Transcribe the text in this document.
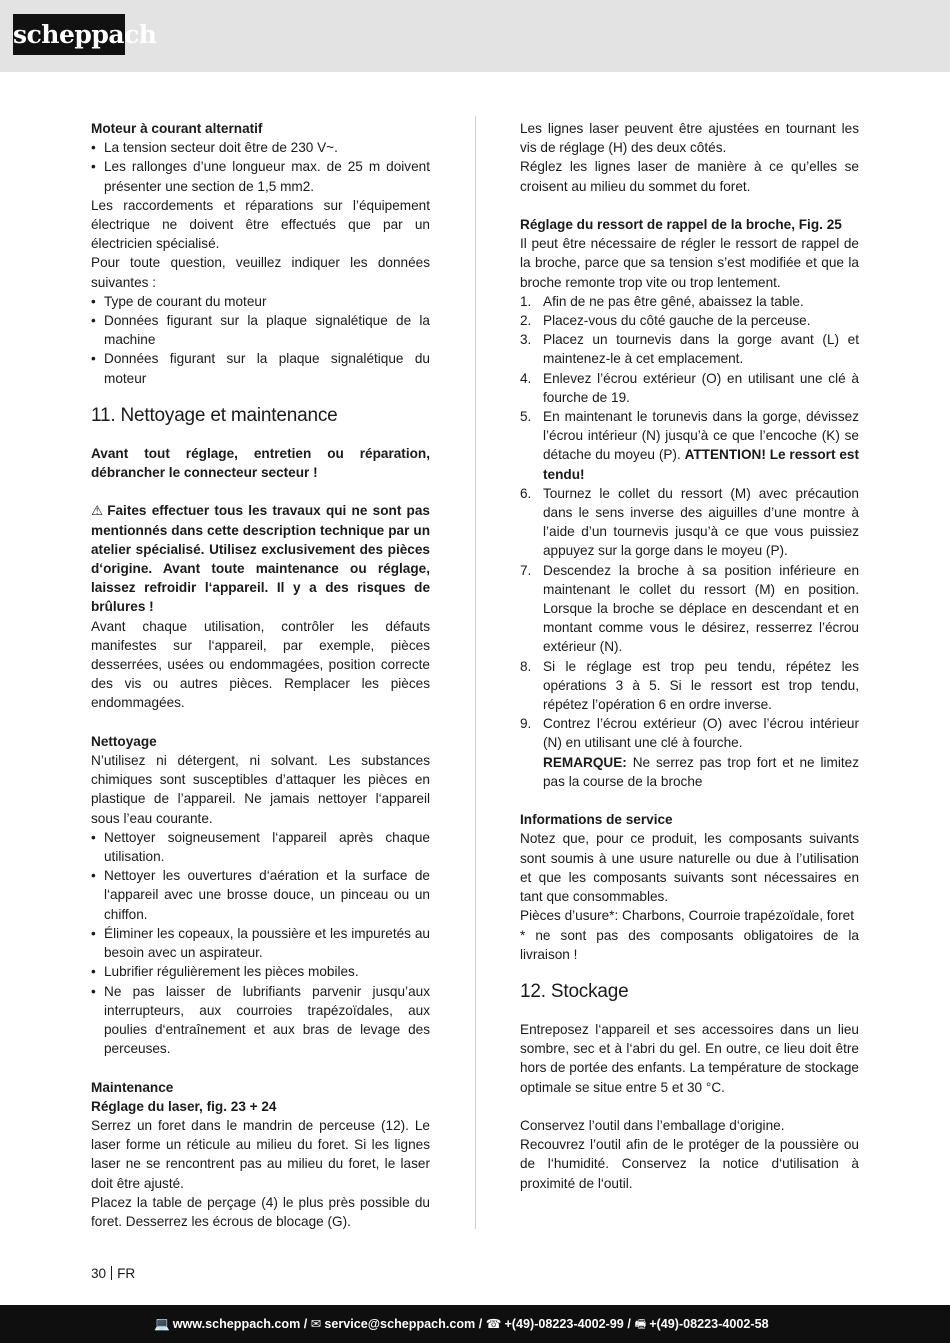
scheppach

Moteur à courant alternatif

• La tension secteur doit être de 230 V~.
• Les rallonges d’une longueur max. de 25 m doivent présenter une section de 1,5 mm2.

Les raccordements et réparations sur l’équipement électrique ne doivent être effectués que par un électricien spécialisé.

Pour toute question, veuillez indiquer les données suivantes :

• Type de courant du moteur
• Données figurant sur la plaque signalétique de la machine
• Données figurant sur la plaque signalétique du moteur
11. Nettoyage et maintenance

Avant tout réglage, entretien ou réparation, débrancher le connecteur secteur !

⚠ Faites effectuer tous les travaux qui ne sont pas mentionnés dans cette description technique par un atelier spécialisé. Utilisez exclusivement des pièces d‘origine. Avant toute maintenance ou réglage, laissez refroidir l‘appareil. Il y a des risques de brûlures !

Avant chaque utilisation, contrôler les défauts manifestes sur l‘appareil, par exemple, pièces desserrées, usées ou endommagées, position correcte des vis ou autres pièces. Remplacer les pièces endommagées.

Nettoyage

N’utilisez ni détergent, ni solvant. Les substances chimiques sont susceptibles d’attaquer les pièces en plastique de l’appareil. Ne jamais nettoyer l‘appareil sous l’eau courante.

• Nettoyer soigneusement l‘appareil après chaque utilisation.
• Nettoyer les ouvertures d‘aération et la surface de l‘appareil avec une brosse douce, un pinceau ou un chiffon.
• Éliminer les copeaux, la poussière et les impuretés au besoin avec un aspirateur.
• Lubrifier régulièrement les pièces mobiles.
• Ne pas laisser de lubrifiants parvenir jusqu’aux interrupteurs, aux courroies trapézoïdales, aux poulies d‘entraînement et aux bras de levage des perceuses.

Maintenance

Réglage du laser, fig. 23 + 24

Serrez un foret dans le mandrin de perceuse (12). Le laser forme un réticule au milieu du foret. Si les lignes laser ne se rencontrent pas au milieu du foret, le laser doit être ajusté.

Placez la table de perçage (4) le plus près possible du foret. Desserrez les écrous de blocage (G).

Les lignes laser peuvent être ajustées en tournant les vis de réglage (H) des deux côtés.

Réglez les lignes laser de manière à ce qu’elles se croisent au milieu du sommet du foret.

Réglage du ressort de rappel de la broche, Fig. 25

Il peut être nécessaire de régler le ressort de rappel de la broche, parce que sa tension s’est modifiée et que la broche remonte trop vite ou trop lentement.

1. Afin de ne pas être gêné, abaissez la table.
2. Placez-vous du côté gauche de la perceuse.
3. Placez un tournevis dans la gorge avant (L) et maintenez-le à cet emplacement.
4. Enlevez l’écrou extérieur (O) en utilisant une clé à fourche de 19.
5. En maintenant le torunevis dans la gorge, dévissez l’écrou intérieur (N) jusqu’à ce que l’encoche (K) se détache du moyeu (P). ATTENTION! Le ressort est tendu!
6. Tournez le collet du ressort (M) avec précaution dans le sens inverse des aiguilles d’une montre à l’aide d’un tournevis jusqu’à ce que vous puissiez appuyez sur la gorge dans le moyeu (P).
7. Descendez la broche à sa position inférieure en maintenant le collet du ressort (M) en position. Lorsque la broche se déplace en descendant et en montant comme vous le désirez, resserrez l’écrou extérieur (N).
8. Si le réglage est trop peu tendu, répétez les opérations 3 à 5. Si le ressort est trop tendu, répétez l’opération 6 en ordre inverse.
9. Contrez l’écrou extérieur (O) avec l’écrou intérieur (N) en utilisant une clé à fourche.
REMARQUE: Ne serrez pas trop fort et ne limitez pas la course de la broche

Informations de service

Notez que, pour ce produit, les composants suivants sont soumis à une usure naturelle ou due à l’utilisation et que les composants suivants sont nécessaires en tant que consommables.

Pièces d’usure*: Charbons, Courroie trapézoïdale, foret

* ne sont pas des composants obligatoires de la livraison !

12. Stockage

Entreposez l‘appareil et ses accessoires dans un lieu sombre, sec et à l‘abri du gel. En outre, ce lieu doit être hors de portée des enfants. La température de stockage optimale se situe entre 5 et 30 °C.

Conservez l’outil dans l’emballage d‘origine.

Recouvrez l’outil afin de le protéger de la poussière ou de l‘humidité. Conservez la notice d‘utilisation à proximité de l‘outil.

30 FR
💻 www.scheppach.com / ✉ service@scheppach.com / ☎ +(49)-08223-4002-99 / 🖷 +(49)-08223-4002-58
